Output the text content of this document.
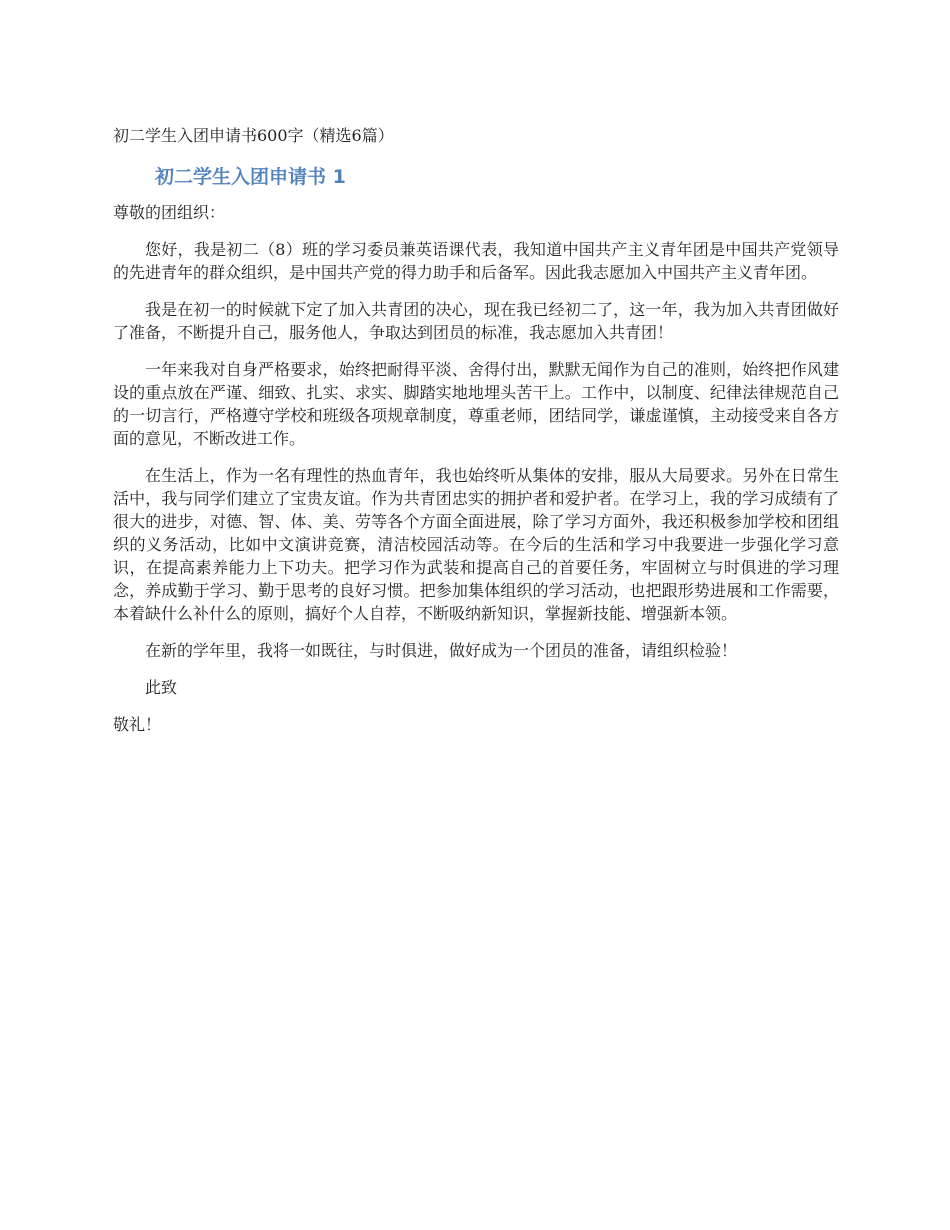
初二学生入团申请书600字（精选6篇）
初二学生入团申请书 1
尊敬的团组织：

您好，我是初二（8）班的学习委员兼英语课代表，我知道中国共产主义青年团是中国共产党领导的先进青年的群众组织，是中国共产党的得力助手和后备军。因此我志愿加入中国共产主义青年团。

我是在初一的时候就下定了加入共青团的决心，现在我已经初二了，这一年，我为加入共青团做好了准备，不断提升自己，服务他人，争取达到团员的标准，我志愿加入共青团！

一年来我对自身严格要求，始终把耐得平淡、舍得付出，默默无闻作为自己的准则，始终把作风建设的重点放在严谨、细致、扎实、求实、脚踏实地地埋头苦干上。工作中，以制度、纪律法律规范自己的一切言行，严格遵守学校和班级各项规章制度，尊重老师，团结同学，谦虚谨慎，主动接受来自各方面的意见，不断改进工作。

在生活上，作为一名有理性的热血青年，我也始终听从集体的安排，服从大局要求。另外在日常生活中，我与同学们建立了宝贵友谊。作为共青团忠实的拥护者和爱护者。在学习上，我的学习成绩有了很大的进步，对德、智、体、美、劳等各个方面全面进展，除了学习方面外，我还积极参加学校和团组织的义务活动，比如中文演讲竞赛，清洁校园活动等。在今后的生活和学习中我要进一步强化学习意识，在提高素养能力上下功夫。把学习作为武装和提高自己的首要任务，牢固树立与时俱进的学习理念，养成勤于学习、勤于思考的良好习惯。把参加集体组织的学习活动，也把跟形势进展和工作需要，本着缺什么补什么的原则，搞好个人自荐，不断吸纳新知识，掌握新技能、增强新本领。

在新的学年里，我将一如既往，与时俱进，做好成为一个团员的准备，请组织检验！

此致
敬礼！
